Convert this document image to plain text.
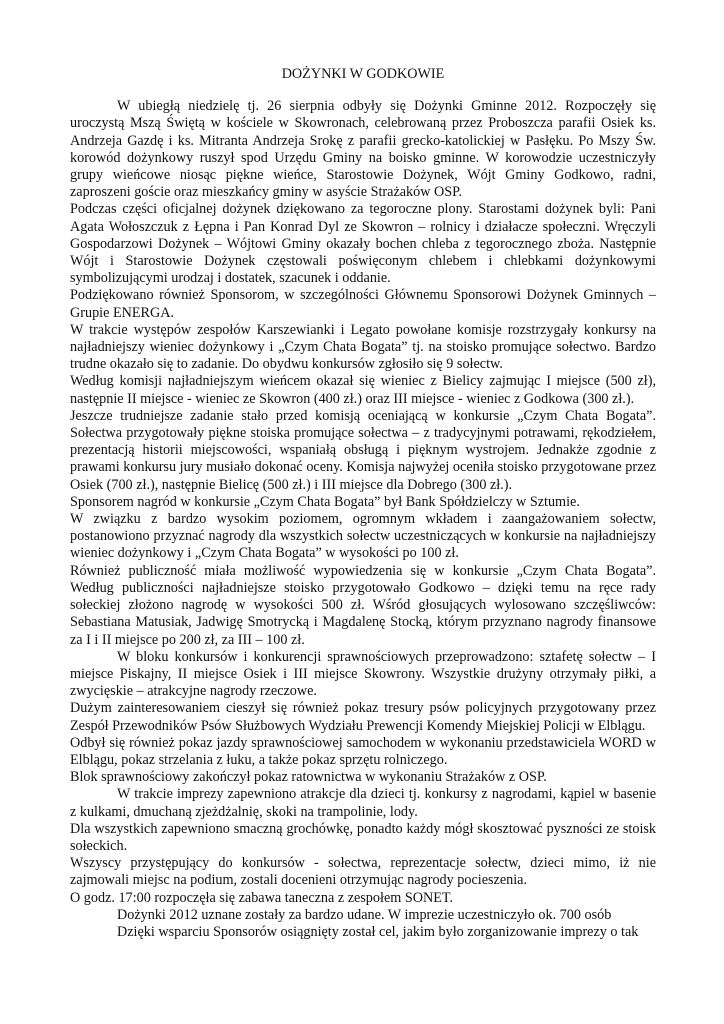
DOŻYNKI W GODKOWIE

W ubiegłą niedzielę tj. 26 sierpnia odbyły się Dożynki Gminne 2012. Rozpoczęły się uroczystą Mszą Świętą w kościele w Skowronach, celebrowaną przez Proboszcza parafii Osiek ks. Andrzeja Gazdę i ks. Mitranta Andrzeja Srokę z parafii grecko-katolickiej w Pasłęku. Po Mszy Św. korowód dożynkowy ruszył spod Urzędu Gminy na boisko gminne. W korowodzie uczestniczyły grupy wieńcowe niosąc piękne wieńce, Starostowie Dożynek, Wójt Gminy Godkowo, radni, zaproszeni goście oraz mieszkańcy gminy w asyście Strażaków OSP.

Podczas części oficjalnej dożynek dziękowano za tegoroczne plony. Starostami dożynek byli: Pani Agata Wołoszczuk z Łępna i Pan Konrad Dyl ze Skowron – rolnicy i działacze społeczni. Wręczyli Gospodarzowi Dożynek – Wójtowi Gminy okazały bochen chleba z tegorocznego zboża. Następnie Wójt i Starostowie Dożynek częstowali poświęconym chlebem i chlebkami dożynkowymi symbolizującymi urodzaj i dostatek, szacunek i oddanie.

Podziękowano również Sponsorom, w szczególności Głównemu Sponsorowi Dożynek Gminnych – Grupie ENERGA.

W trakcie występów zespołów Karszewianki i Legato powołane komisje rozstrzygały konkursy na najładniejszy wieniec dożynkowy i „Czym Chata Bogata” tj. na stoisko promujące sołectwo. Bardzo trudne okazało się to zadanie. Do obydwu konkursów zgłosiło się 9 sołectw.

Według komisji najładniejszym wieńcem okazał się wieniec z Bielicy zajmując I miejsce (500 zł), następnie II miejsce - wieniec ze Skowron (400 zł.) oraz III miejsce - wieniec z Godkowa (300 zł.).

Jeszcze trudniejsze zadanie stało przed komisją oceniającą w konkursie „Czym Chata Bogata”. Sołectwa przygotowały piękne stoiska promujące sołectwa – z tradycyjnymi potrawami, rękodziełem, prezentacją historii miejscowości, wspaniałą obsługą i pięknym wystrojem. Jednakże zgodnie z prawami konkursu jury musiało dokonać oceny. Komisja najwyżej oceniła stoisko przygotowane przez Osiek (700 zł.), następnie Bielicę (500 zł.) i III miejsce dla Dobrego (300 zł.).

Sponsorem nagród w konkursie „Czym Chata Bogata” był Bank Spółdzielczy w Sztumie.

W związku z bardzo wysokim poziomem, ogromnym wkładem i zaangażowaniem sołectw, postanowiono przyznać nagrody dla wszystkich sołectw uczestniczących w konkursie na najładniejszy wieniec dożynkowy i „Czym Chata Bogata” w wysokości po 100 zł.

Również publiczność miała możliwość wypowiedzenia się w konkursie „Czym Chata Bogata”. Według publiczności najładniejsze stoisko przygotowało Godkowo – dzięki temu na ręce rady sołeckiej złożono nagrodę w wysokości 500 zł. Wśród głosujących wylosowano szczęśliwców: Sebastiana Matusiak, Jadwigę Smotrycką i Magdalenę Stocką, którym przyznano nagrody finansowe za I i II miejsce po 200 zł, za III – 100 zł.

W bloku konkursów i konkurencji sprawnościowych przeprowadzono: sztafetę sołectw – I miejsce Piskajny, II miejsce Osiek i III miejsce Skowrony. Wszystkie drużyny otrzymały piłki, a zwycięskie – atrakcyjne nagrody rzeczowe.

Dużym zainteresowaniem cieszył się również pokaz tresury psów policyjnych przygotowany przez Zespół Przewodników Psów Służbowych Wydziału Prewencji Komendy Miejskiej Policji w Elblągu.

Odbył się również pokaz jazdy sprawnościowej samochodem w wykonaniu przedstawiciela WORD w Elblągu, pokaz strzelania z łuku, a także pokaz sprzętu rolniczego.

Blok sprawnościowy zakończył pokaz ratownictwa w wykonaniu Strażaków z OSP.

W trakcie imprezy zapewniono atrakcje dla dzieci tj. konkursy z nagrodami, kąpiel w basenie z kulkami, dmuchaną zjeżdżalnię, skoki na trampolinie, lody.

Dla wszystkich zapewniono smaczną grochówkę, ponadto każdy mógł skosztować pyszności ze stoisk sołeckich.

Wszyscy przystępujący do konkursów - sołectwa, reprezentacje sołectw, dzieci mimo, iż nie zajmowali miejsc na podium, zostali docenieni otrzymując nagrody pocieszenia.

O godz. 17:00 rozpoczęła się zabawa taneczna z zespołem SONET.

Dożynki 2012 uznane zostały za bardzo udane. W imprezie uczestniczyło ok. 700 osób

Dzięki wsparciu Sponsorów osiągnięty został cel, jakim było zorganizowanie imprezy o tak
